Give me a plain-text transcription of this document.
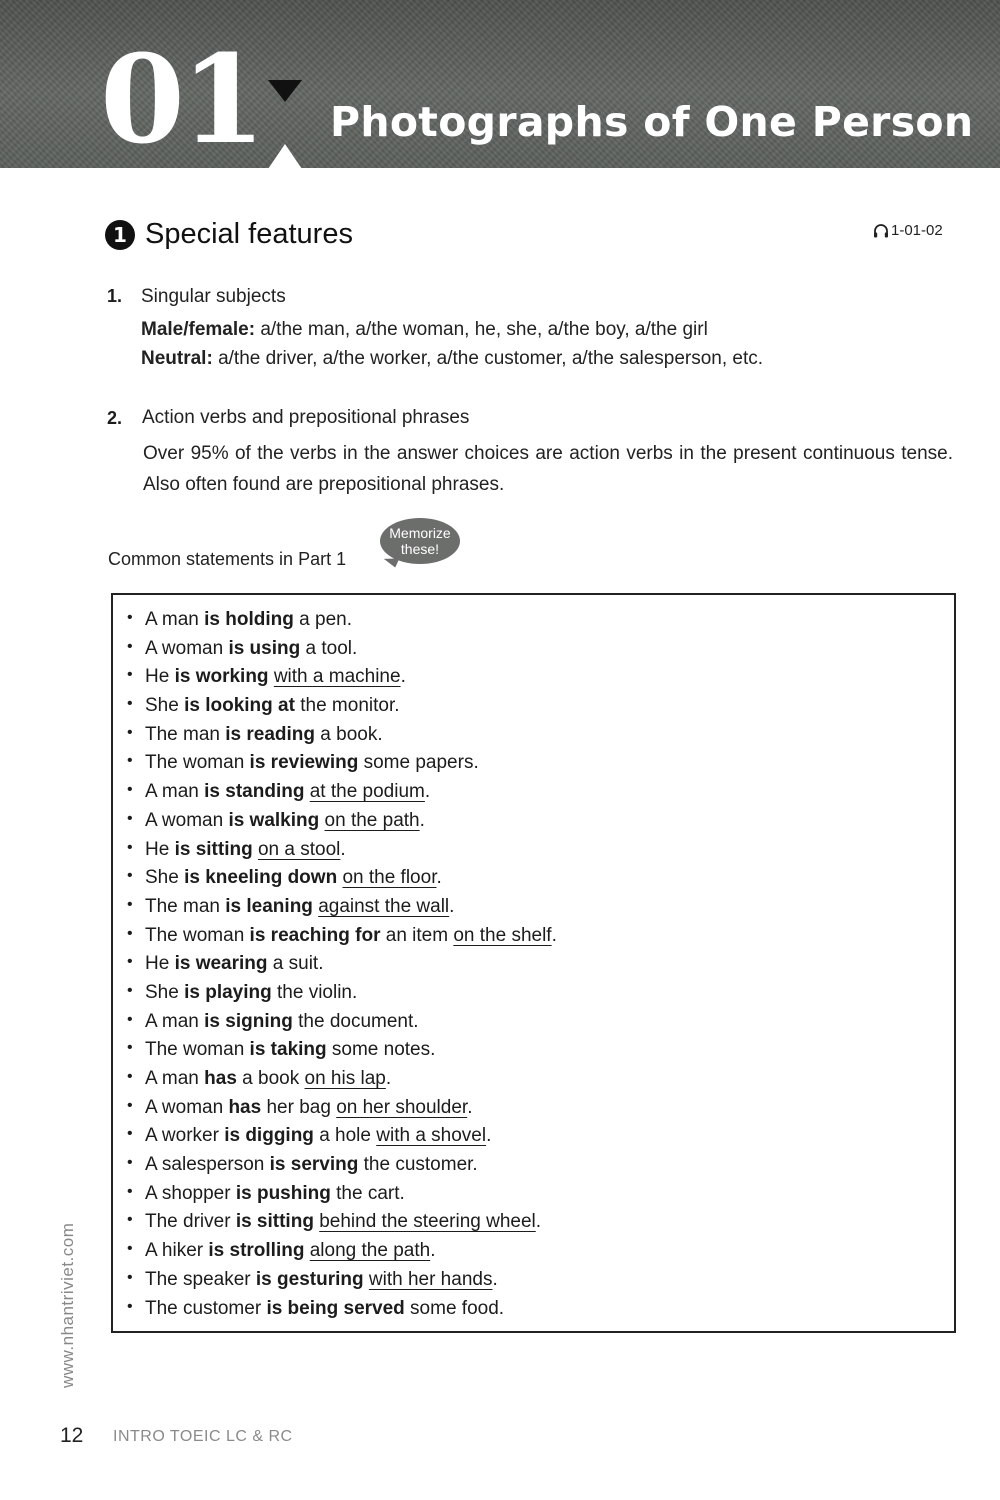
01 Photographs of One Person
1 Special features	1-01-02
1. Singular subjects
Male/female: a/the man, a/the woman, he, she, a/the boy, a/the girl
Neutral: a/the driver, a/the worker, a/the customer, a/the salesperson, etc.
2. Action verbs and prepositional phrases
Over 95% of the verbs in the answer choices are action verbs in the present continuous tense. Also often found are prepositional phrases.
Common statements in Part 1
Memorize
these!
• A man is holding a pen.
• A woman is using a tool.
• He is working with a machine.
• She is looking at the monitor.
• The man is reading a book.
• The woman is reviewing some papers.
• A man is standing at the podium.
• A woman is walking on the path.
• He is sitting on a stool.
• She is kneeling down on the floor.
• The man is leaning against the wall.
• The woman is reaching for an item on the shelf.
• He is wearing a suit.
• She is playing the violin.
• A man is signing the document.
• The woman is taking some notes.
• A man has a book on his lap.
• A woman has her bag on her shoulder.
• A worker is digging a hole with a shovel.
• A salesperson is serving the customer.
• A shopper is pushing the cart.
• The driver is sitting behind the steering wheel.
• A hiker is strolling along the path.
• The speaker is gesturing with her hands.
• The customer is being served some food.
www.nhantriviet.com
12 INTRO TOEIC LC & RC
